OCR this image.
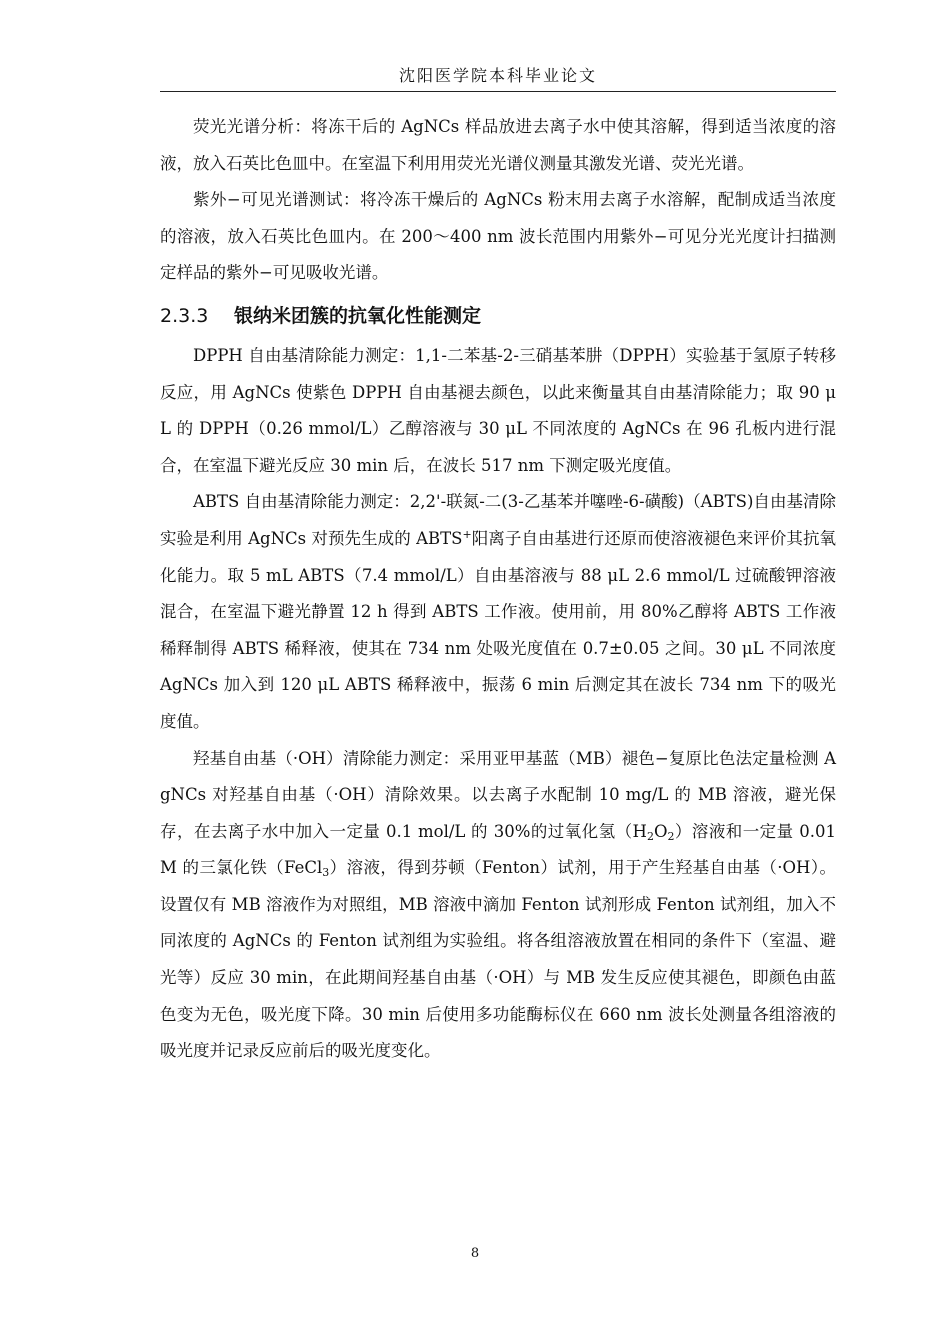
沈阳医学院本科毕业论文

荧光光谱分析：将冻干后的 AgNCs 样品放进去离子水中使其溶解，得到适当浓度的溶液，放入石英比色皿中。在室温下利用用荧光光谱仪测量其激发光谱、荧光光谱。

紫外−可见光谱测试：将冷冻干燥后的 AgNCs 粉末用去离子水溶解，配制成适当浓度的溶液，放入石英比色皿内。在 200～400 nm 波长范围内用紫外−可见分光光度计扫描测定样品的紫外−可见吸收光谱。

2.3.3 银纳米团簇的抗氧化性能测定

DPPH 自由基清除能力测定：1,1-二苯基-2-三硝基苯肼（DPPH）实验基于氢原子转移反应，用 AgNCs 使紫色 DPPH 自由基褪去颜色，以此来衡量其自由基清除能力；取 90 μL 的 DPPH（0.26 mmol/L）乙醇溶液与 30 μL 不同浓度的 AgNCs 在 96 孔板内进行混合，在室温下避光反应 30 min 后，在波长 517 nm 下测定吸光度值。

ABTS 自由基清除能力测定：2,2'-联氮-二(3-乙基苯并噻唑-6-磺酸)（ABTS)自由基清除实验是利用 AgNCs 对预先生成的 ABTS+阳离子自由基进行还原而使溶液褪色来评价其抗氧化能力。取 5 mL ABTS（7.4 mmol/L）自由基溶液与 88 μL 2.6 mmol/L 过硫酸钾溶液混合，在室温下避光静置 12 h 得到 ABTS 工作液。使用前，用 80%乙醇将 ABTS 工作液稀释制得 ABTS 稀释液，使其在 734 nm 处吸光度值在 0.7±0.05 之间。30 μL 不同浓度 AgNCs 加入到 120 μL ABTS 稀释液中，振荡 6 min 后测定其在波长 734 nm 下的吸光度值。

羟基自由基（·OH）清除能力测定：采用亚甲基蓝（MB）褪色−复原比色法定量检测 AgNCs 对羟基自由基（·OH）清除效果。以去离子水配制 10 mg/L 的 MB 溶液，避光保存，在去离子水中加入一定量 0.1 mol/L 的 30%的过氧化氢$(H_2O_2)$溶液和一定量 0.01 M 的三氯化铁（FeCl$_3$）溶液，得到芬顿（Fenton）试剂，用于产生羟基自由基（·OH）。设置仅有 MB 溶液作为对照组，MB 溶液中滴加 Fenton 试剂形成 Fenton 试剂组，加入不同浓度的 AgNCs 的 Fenton 试剂组为实验组。将各组溶液放置在相同的条件下（室温、避光等）反应 30 min，在此期间羟基自由基（·OH）与 MB 发生反应使其褪色，即颜色由蓝色变为无色，吸光度下降。30 min 后使用多功能酶标仪在 660 nm 波长处测量各组溶液的吸光度并记录反应前后的吸光度变化。

8
